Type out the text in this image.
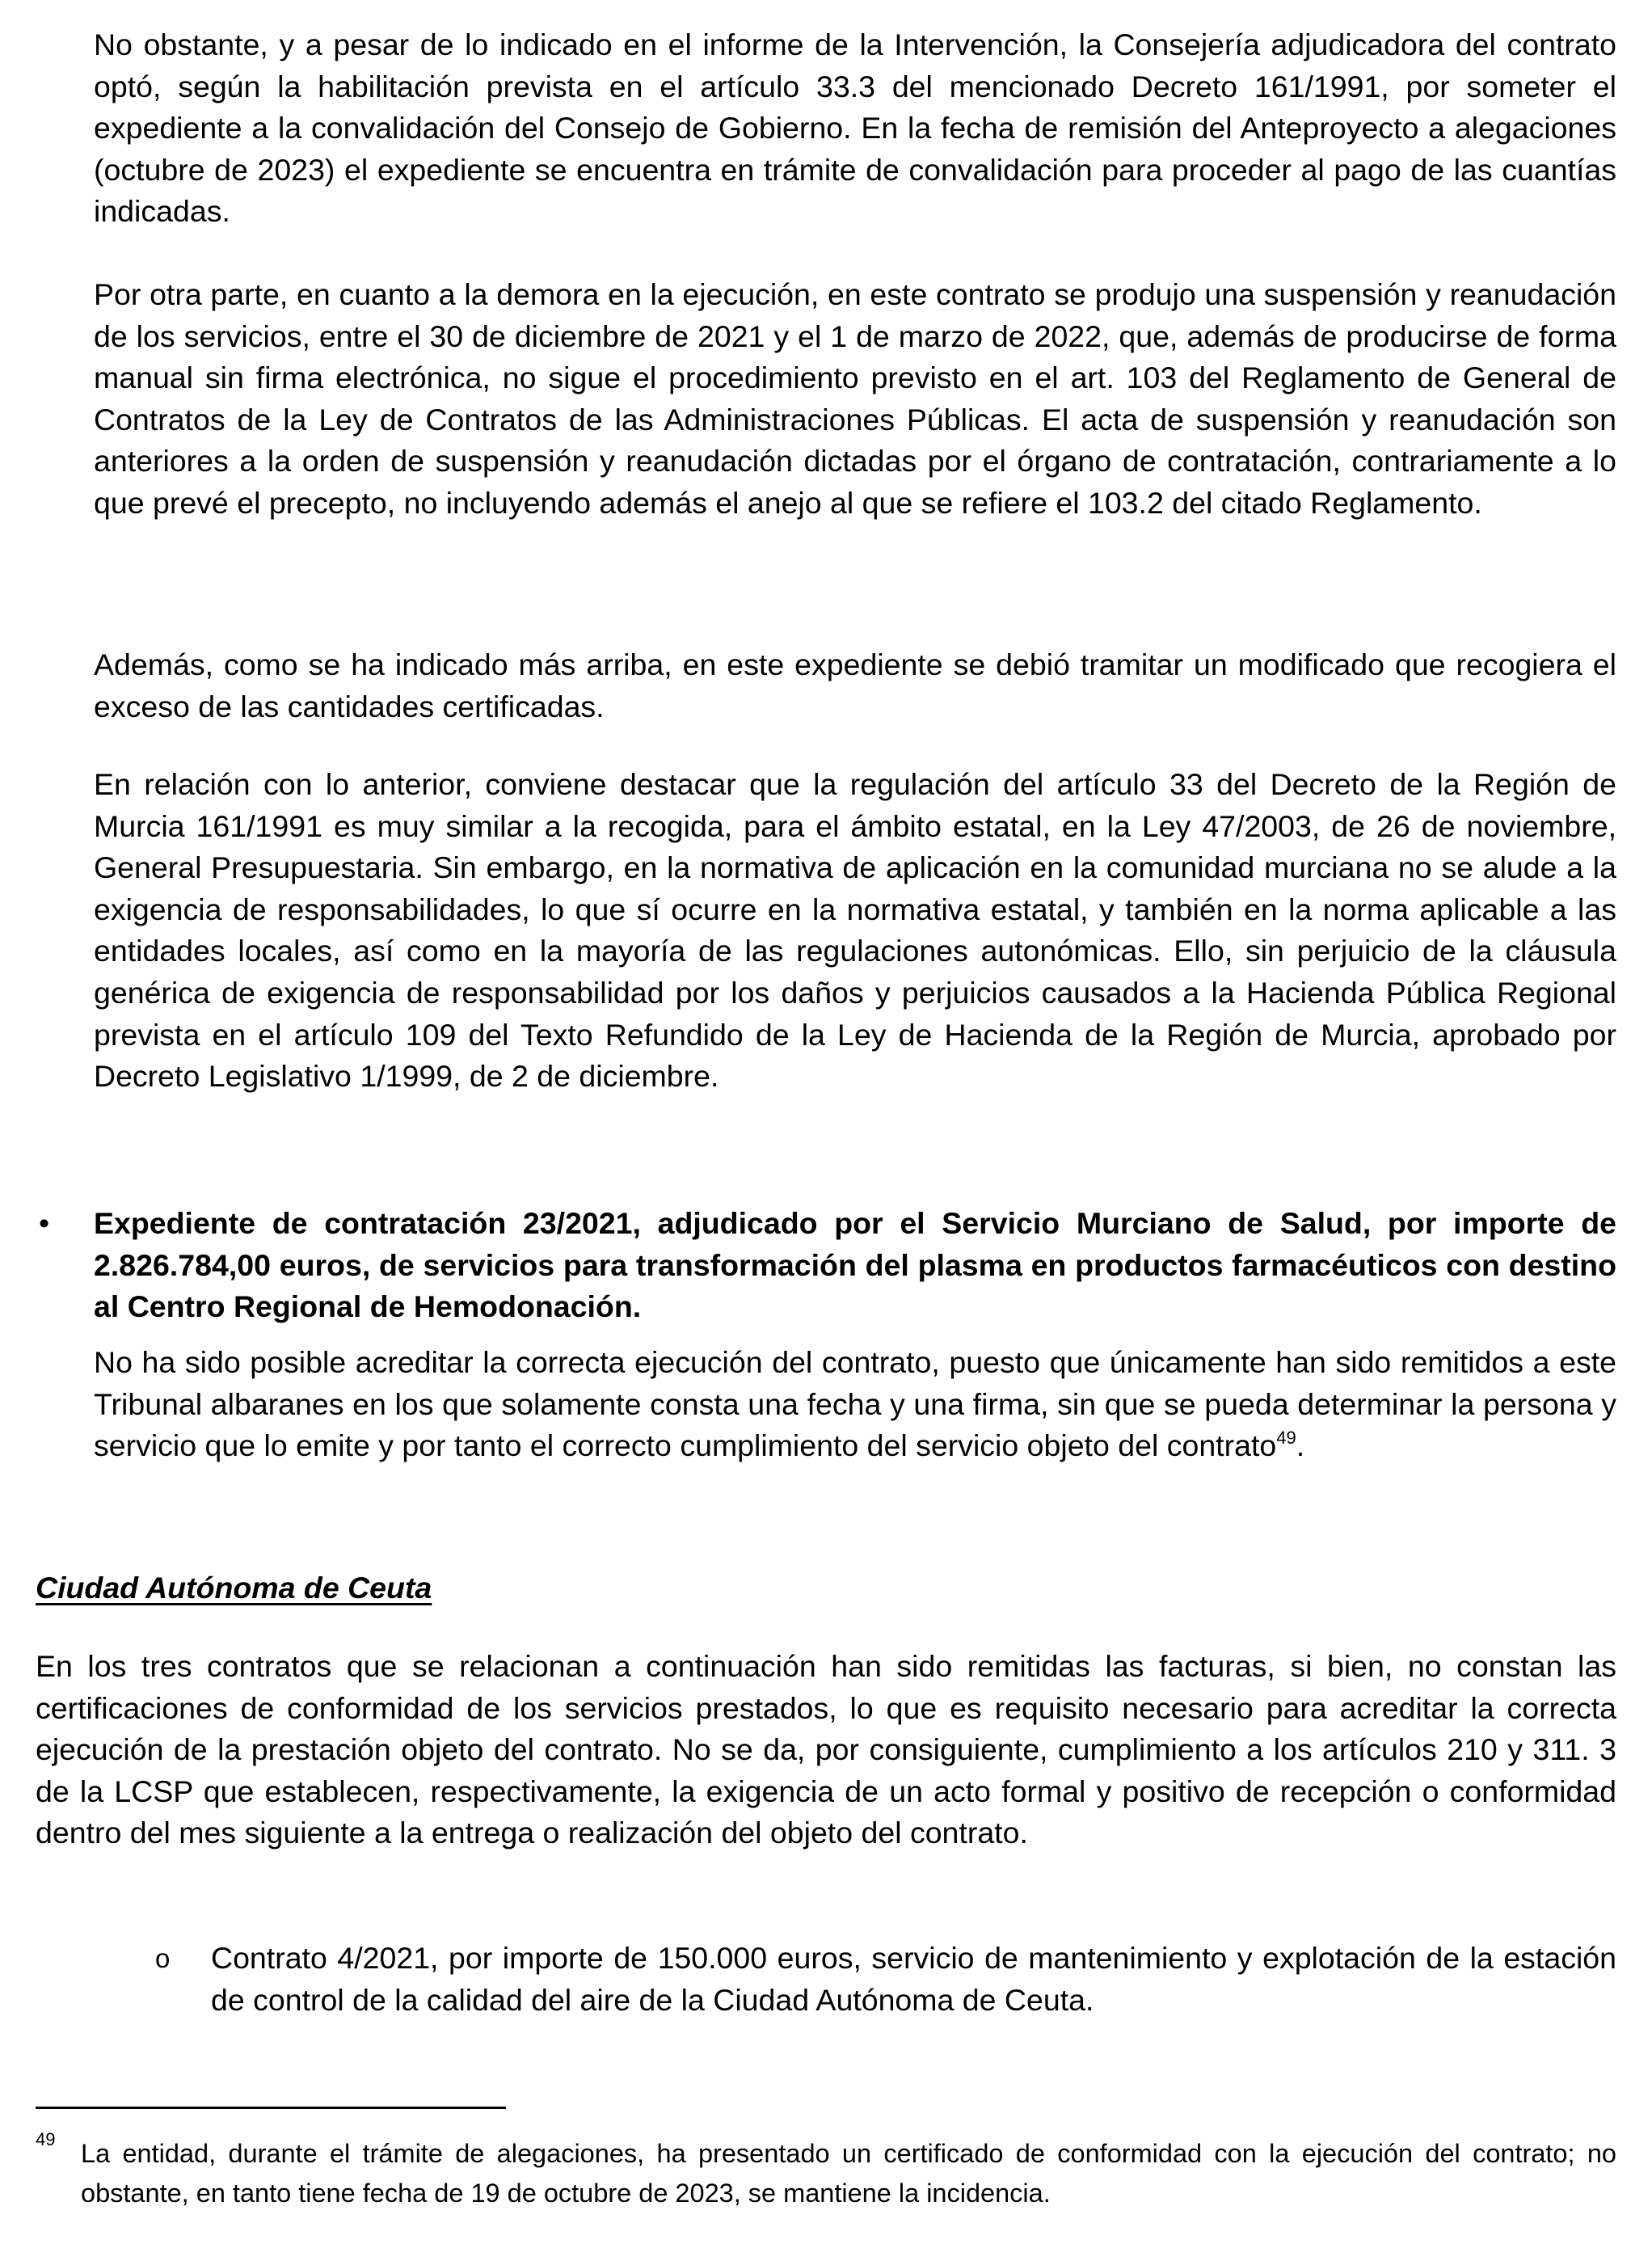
No obstante, y a pesar de lo indicado en el informe de la Intervención, la Consejería adjudicadora del contrato optó, según la habilitación prevista en el artículo 33.3 del mencionado Decreto 161/1991, por someter el expediente a la convalidación del Consejo de Gobierno. En la fecha de remisión del Anteproyecto a alegaciones (octubre de 2023) el expediente se encuentra en trámite de convalidación para proceder al pago de las cuantías indicadas.

Por otra parte, en cuanto a la demora en la ejecución, en este contrato se produjo una suspensión y reanudación de los servicios, entre el 30 de diciembre de 2021 y el 1 de marzo de 2022, que, además de producirse de forma manual sin firma electrónica, no sigue el procedimiento previsto en el art. 103 del Reglamento de General de Contratos de la Ley de Contratos de las Administraciones Públicas. El acta de suspensión y reanudación son anteriores a la orden de suspensión y reanudación dictadas por el órgano de contratación, contrariamente a lo que prevé el precepto, no incluyendo además el anejo al que se refiere el 103.2 del citado Reglamento.

Además, como se ha indicado más arriba, en este expediente se debió tramitar un modificado que recogiera el exceso de las cantidades certificadas.

En relación con lo anterior, conviene destacar que la regulación del artículo 33 del Decreto de la Región de Murcia 161/1991 es muy similar a la recogida, para el ámbito estatal, en la Ley 47/2003, de 26 de noviembre, General Presupuestaria. Sin embargo, en la normativa de aplicación en la comunidad murciana no se alude a la exigencia de responsabilidades, lo que sí ocurre en la normativa estatal, y también en la norma aplicable a las entidades locales, así como en la mayoría de las regulaciones autonómicas. Ello, sin perjuicio de la cláusula genérica de exigencia de responsabilidad por los daños y perjuicios causados a la Hacienda Pública Regional prevista en el artículo 109 del Texto Refundido de la Ley de Hacienda de la Región de Murcia, aprobado por Decreto Legislativo 1/1999, de 2 de diciembre.

• Expediente de contratación 23/2021, adjudicado por el Servicio Murciano de Salud, por importe de 2.826.784,00 euros, de servicios para transformación del plasma en productos farmacéuticos con destino al Centro Regional de Hemodonación.

No ha sido posible acreditar la correcta ejecución del contrato, puesto que únicamente han sido remitidos a este Tribunal albaranes en los que solamente consta una fecha y una firma, sin que se pueda determinar la persona y servicio que lo emite y por tanto el correcto cumplimiento del servicio objeto del contrato$^{49}$.

Ciudad Autónoma de Ceuta

En los tres contratos que se relacionan a continuación han sido remitidas las facturas, si bien, no constan las certificaciones de conformidad de los servicios prestados, lo que es requisito necesario para acreditar la correcta ejecución de la prestación objeto del contrato. No se da, por consiguiente, cumplimiento a los artículos 210 y 311. 3 de la LCSP que establecen, respectivamente, la exigencia de un acto formal y positivo de recepción o conformidad dentro del mes siguiente a la entrega o realización del objeto del contrato.

o Contrato 4/2021, por importe de 150.000 euros, servicio de mantenimiento y explotación de la estación de control de la calidad del aire de la Ciudad Autónoma de Ceuta.

49 La entidad, durante el trámite de alegaciones, ha presentado un certificado de conformidad con la ejecución del contrato; no obstante, en tanto tiene fecha de 19 de octubre de 2023, se mantiene la incidencia.
